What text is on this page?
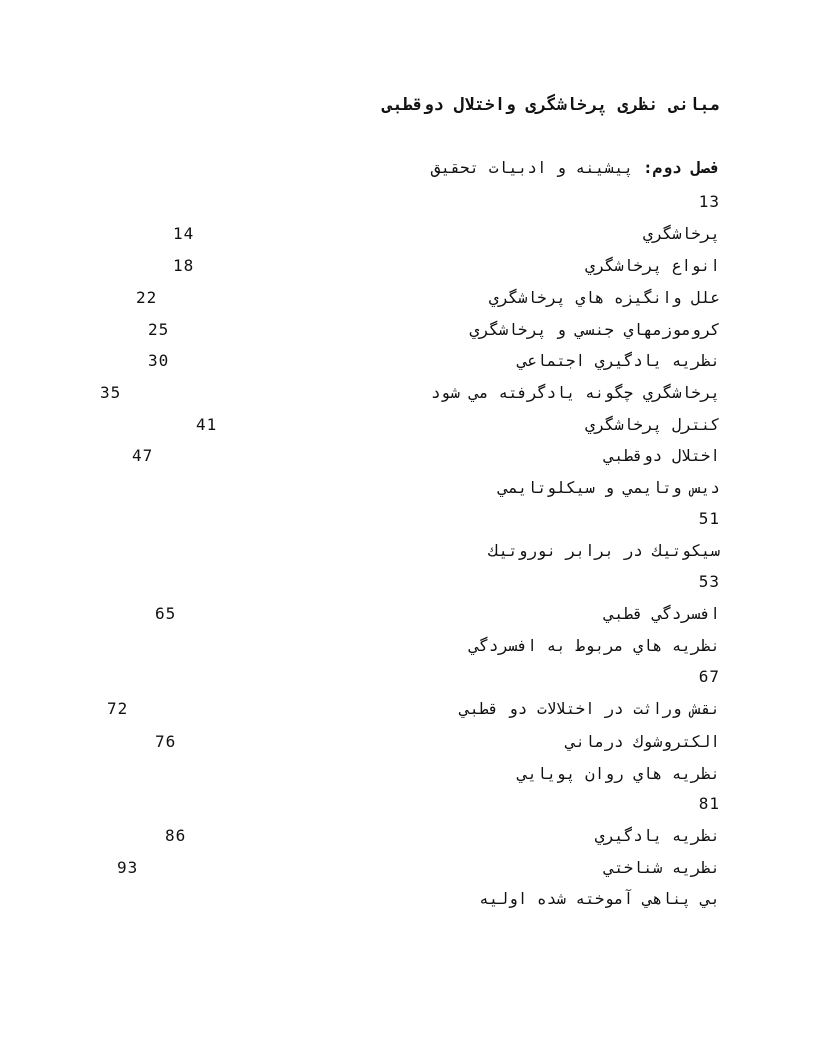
مبانی نظری پرخاشگری واختلال دوقطبی
فصل دوم: پیشینه و ادبیات تحقیق
13
پرخاشگري
14
انواع پرخاشگري
18
علل وانگيزه هاي پرخاشگري
22
كروموزمهاي جنسي و پرخاشگري
25
نظريه يادگيري اجتماعي
30
پرخاشگري چگونه يادگرفته مي شود
35
كنترل پرخاشگري
41
اختلال دوقطبي
47
ديس وتايمي و سيكلوتايمي
51
سيكوتيك در برابر نوروتيك
53
افسردگي قطبي
65
نظريه هاي مربوط به افسردگي
67
نقش وراثت در اختلالات دو قطبي
72
الكتروشوك درماني
76
نظريه هاي روان پويايي
81
نظريه يادگيري
86
نظريه شناختي
93
بي پناهي آموخته شده اوليه
